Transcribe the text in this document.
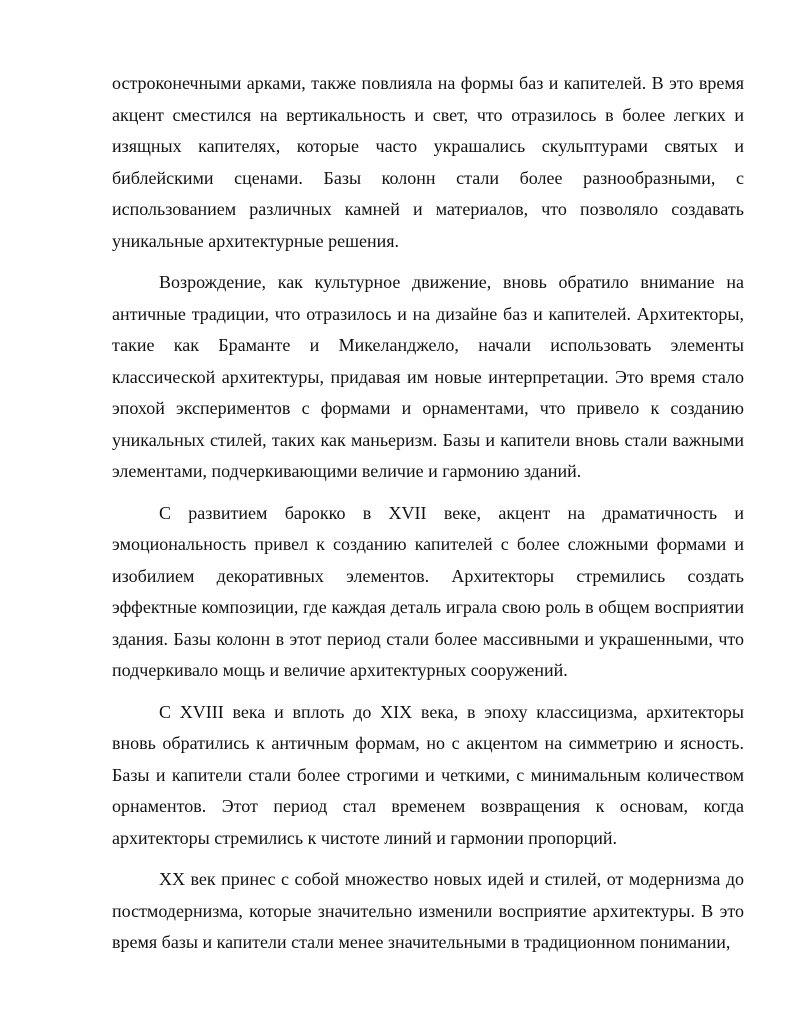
остроконечными арками, также повлияла на формы баз и капителей. В это время акцент сместился на вертикальность и свет, что отразилось в более легких и изящных капителях, которые часто украшались скульптурами святых и библейскими сценами. Базы колонн стали более разнообразными, с использованием различных камней и материалов, что позволяло создавать уникальные архитектурные решения.

Возрождение, как культурное движение, вновь обратило внимание на античные традиции, что отразилось и на дизайне баз и капителей. Архитекторы, такие как Браманте и Микеланджело, начали использовать элементы классической архитектуры, придавая им новые интерпретации. Это время стало эпохой экспериментов с формами и орнаментами, что привело к созданию уникальных стилей, таких как маньеризм. Базы и капители вновь стали важными элементами, подчеркивающими величие и гармонию зданий.

С развитием барокко в XVII веке, акцент на драматичность и эмоциональность привел к созданию капителей с более сложными формами и изобилием декоративных элементов. Архитекторы стремились создать эффектные композиции, где каждая деталь играла свою роль в общем восприятии здания. Базы колонн в этот период стали более массивными и украшенными, что подчеркивало мощь и величие архитектурных сооружений.

С XVIII века и вплоть до XIX века, в эпоху классицизма, архитекторы вновь обратились к античным формам, но с акцентом на симметрию и ясность. Базы и капители стали более строгими и четкими, с минимальным количеством орнаментов. Этот период стал временем возвращения к основам, когда архитекторы стремились к чистоте линий и гармонии пропорций.

XX век принес с собой множество новых идей и стилей, от модернизма до постмодернизма, которые значительно изменили восприятие архитектуры. В это время базы и капители стали менее значительными в традиционном понимании,
